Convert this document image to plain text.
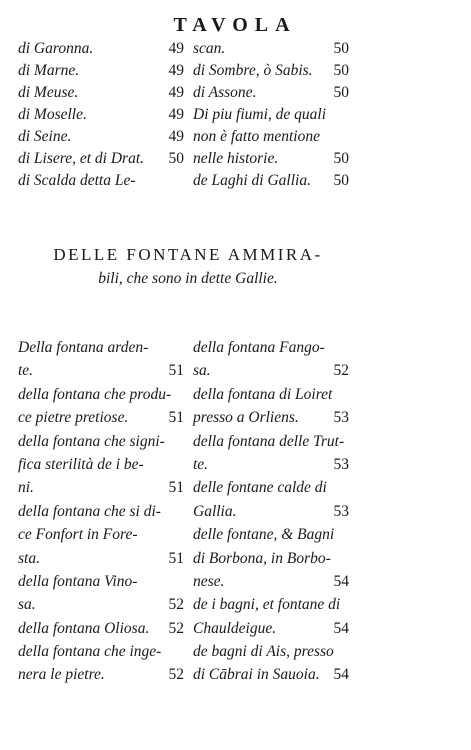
TAVOLA
di Garonna.	49
di Marne.	49
di Meuse.	49
di Moselle.	49
di Seine.	49
di Lisere, et di Drat. 50
di Scalda detta Le-
scan.	50
di Sombre, ò Sabis. 50
di Assone.	50
Di piu fiumi, de quali
non è fatto mentione
nelle historie.	50
de Laghi di Gallia. 50
DELLE FONTANE AMMIRA-
bili, che sono in dette Gallie.
Della fontana arden-
te.	51
della fontana che produ-
ce pietre pretiose.	51
della fontana che signi-
fica sterilità de i be-
ni.	51
della fontana che si di-
ce Fonfort in Fore-
sta.	51
della fontana Vino-
sa.	52
della fontana Oliosa. 52
della fontana che inge-
nera le pietre.	52
della fontana Fango-
sa.	52
della fontana di Loiret
presso a Orliens. 53
della fontana delle Trut-
te.	53
delle fontane calde di
Gallia.	53
delle fontane, & Bagni
di Borbona, in Borbo-
nese.	54
de i bagni, et fontane di
Chauldeigue.	54
de bagni di Ais, presso
di Cābrai in Sauoia. 54
